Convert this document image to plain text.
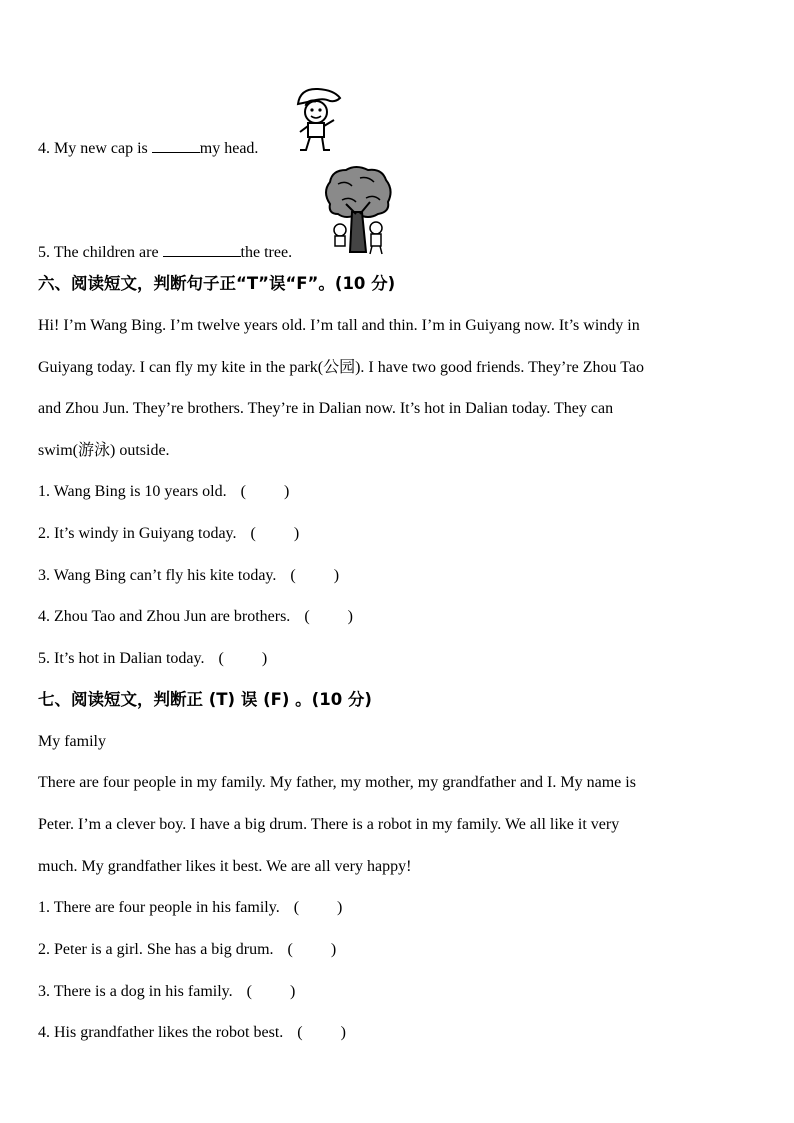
4. My new cap is	my head.
5. The children are	the tree.
六、阅读短文，判断句子正“T”误“F”。(10 分)
Hi! I’m Wang Bing. I’m twelve years old. I’m tall and thin. I’m in Guiyang now. It’s windy in
Guiyang today. I can fly my kite in the park(公园). I have two good friends. They’re Zhou Tao
and Zhou Jun. They’re brothers. They’re in Dalian now. It’s hot in Dalian today. They can
swim(游泳) outside.
1. Wang Bing is 10 years old. ( )
2. It’s windy in Guiyang today. ( )
3. Wang Bing can’t fly his kite today. ( )
4. Zhou Tao and Zhou Jun are brothers. ( )
5. It’s hot in Dalian today. ( )
七、阅读短文，判断正 (T) 误 (F) 。(10 分)
My family
There are four people in my family. My father, my mother, my grandfather and I. My name is
Peter. I’m a clever boy. I have a big drum. There is a robot in my family. We all like it very
much. My grandfather likes it best. We are all very happy!
1. There are four people in his family. ( )
2. Peter is a girl. She has a big drum. ( )
3. There is a dog in his family. ( )
4. His grandfather likes the robot best. ( )
